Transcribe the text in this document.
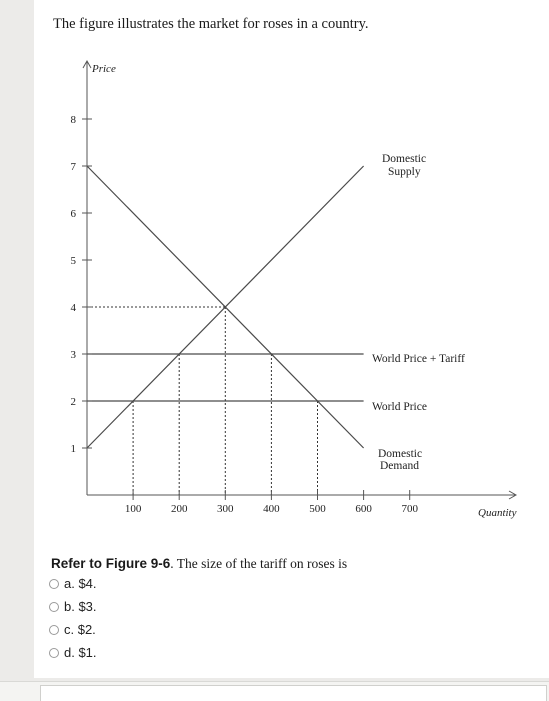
The figure illustrates the market for roses in a country.
1
2
3
4
5
6
7
8
100	200	300	400	500	600	700
Price
Quantity
Domestic
Supply
World Price + Tariff
World Price
Domestic
Demand
Refer to Figure 9-6. The size of the tariff on roses is
a. $4.
b. $3.
c. $2.
d. $1.
